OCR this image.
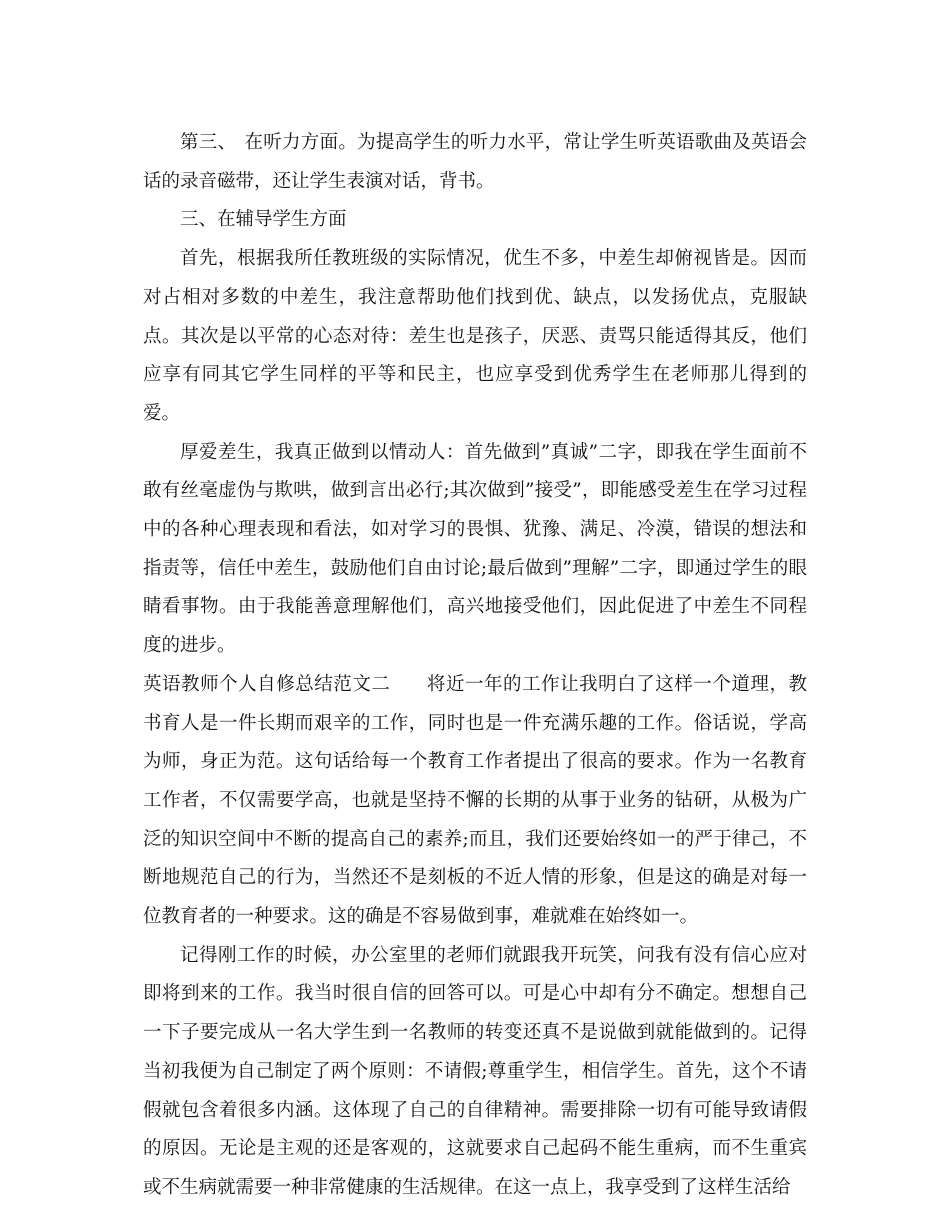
第三、 在听力方面。为提高学生的听力水平，常让学生听英语歌曲及英语会话的录音磁带，还让学生表演对话，背书。

三、在辅导学生方面

首先，根据我所任教班级的实际情况，优生不多，中差生却俯视皆是。因而对占相对多数的中差生，我注意帮助他们找到优、缺点，以发扬优点，克服缺点。其次是以平常的心态对待：差生也是孩子，厌恶、责骂只能适得其反，他们应享有同其它学生同样的平等和民主，也应享受到优秀学生在老师那儿得到的爱。

厚爱差生，我真正做到以情动人：首先做到”真诚”二字，即我在学生面前不敢有丝毫虚伪与欺哄，做到言出必行;其次做到”接受”，即能感受差生在学习过程中的各种心理表现和看法，如对学习的畏惧、犹豫、满足、冷漠，错误的想法和指责等，信任中差生，鼓励他们自由讨论;最后做到”理解”二字，即通过学生的眼睛看事物。由于我能善意理解他们，高兴地接受他们，因此促进了中差生不同程度的进步。

英语教师个人自修总结范文二 将近一年的工作让我明白了这样一个道理，教书育人是一件长期而艰辛的工作，同时也是一件充满乐趣的工作。俗话说，学高为师，身正为范。这句话给每一个教育工作者提出了很高的要求。作为一名教育工作者，不仅需要学高，也就是坚持不懈的长期的从事于业务的钻研，从极为广泛的知识空间中不断的提高自己的素养;而且，我们还要始终如一的严于律己，不断地规范自己的行为，当然还不是刻板的不近人情的形象，但是这的确是对每一位教育者的一种要求。这的确是不容易做到事，难就难在始终如一。

记得刚工作的时候，办公室里的老师们就跟我开玩笑，问我有没有信心应对即将到来的工作。我当时很自信的回答可以。可是心中却有分不确定。想想自己一下子要完成从一名大学生到一名教师的转变还真不是说做到就能做到的。记得当初我便为自己制定了两个原则：不请假;尊重学生，相信学生。首先，这个不请假就包含着很多内涵。这体现了自己的自律精神。需要排除一切有可能导致请假的原因。无论是主观的还是客观的，这就要求自己起码不能生重病，而不生重宾或不生病就需要一种非常健康的生活规律。在这一点上，我享受到了这样生活给
